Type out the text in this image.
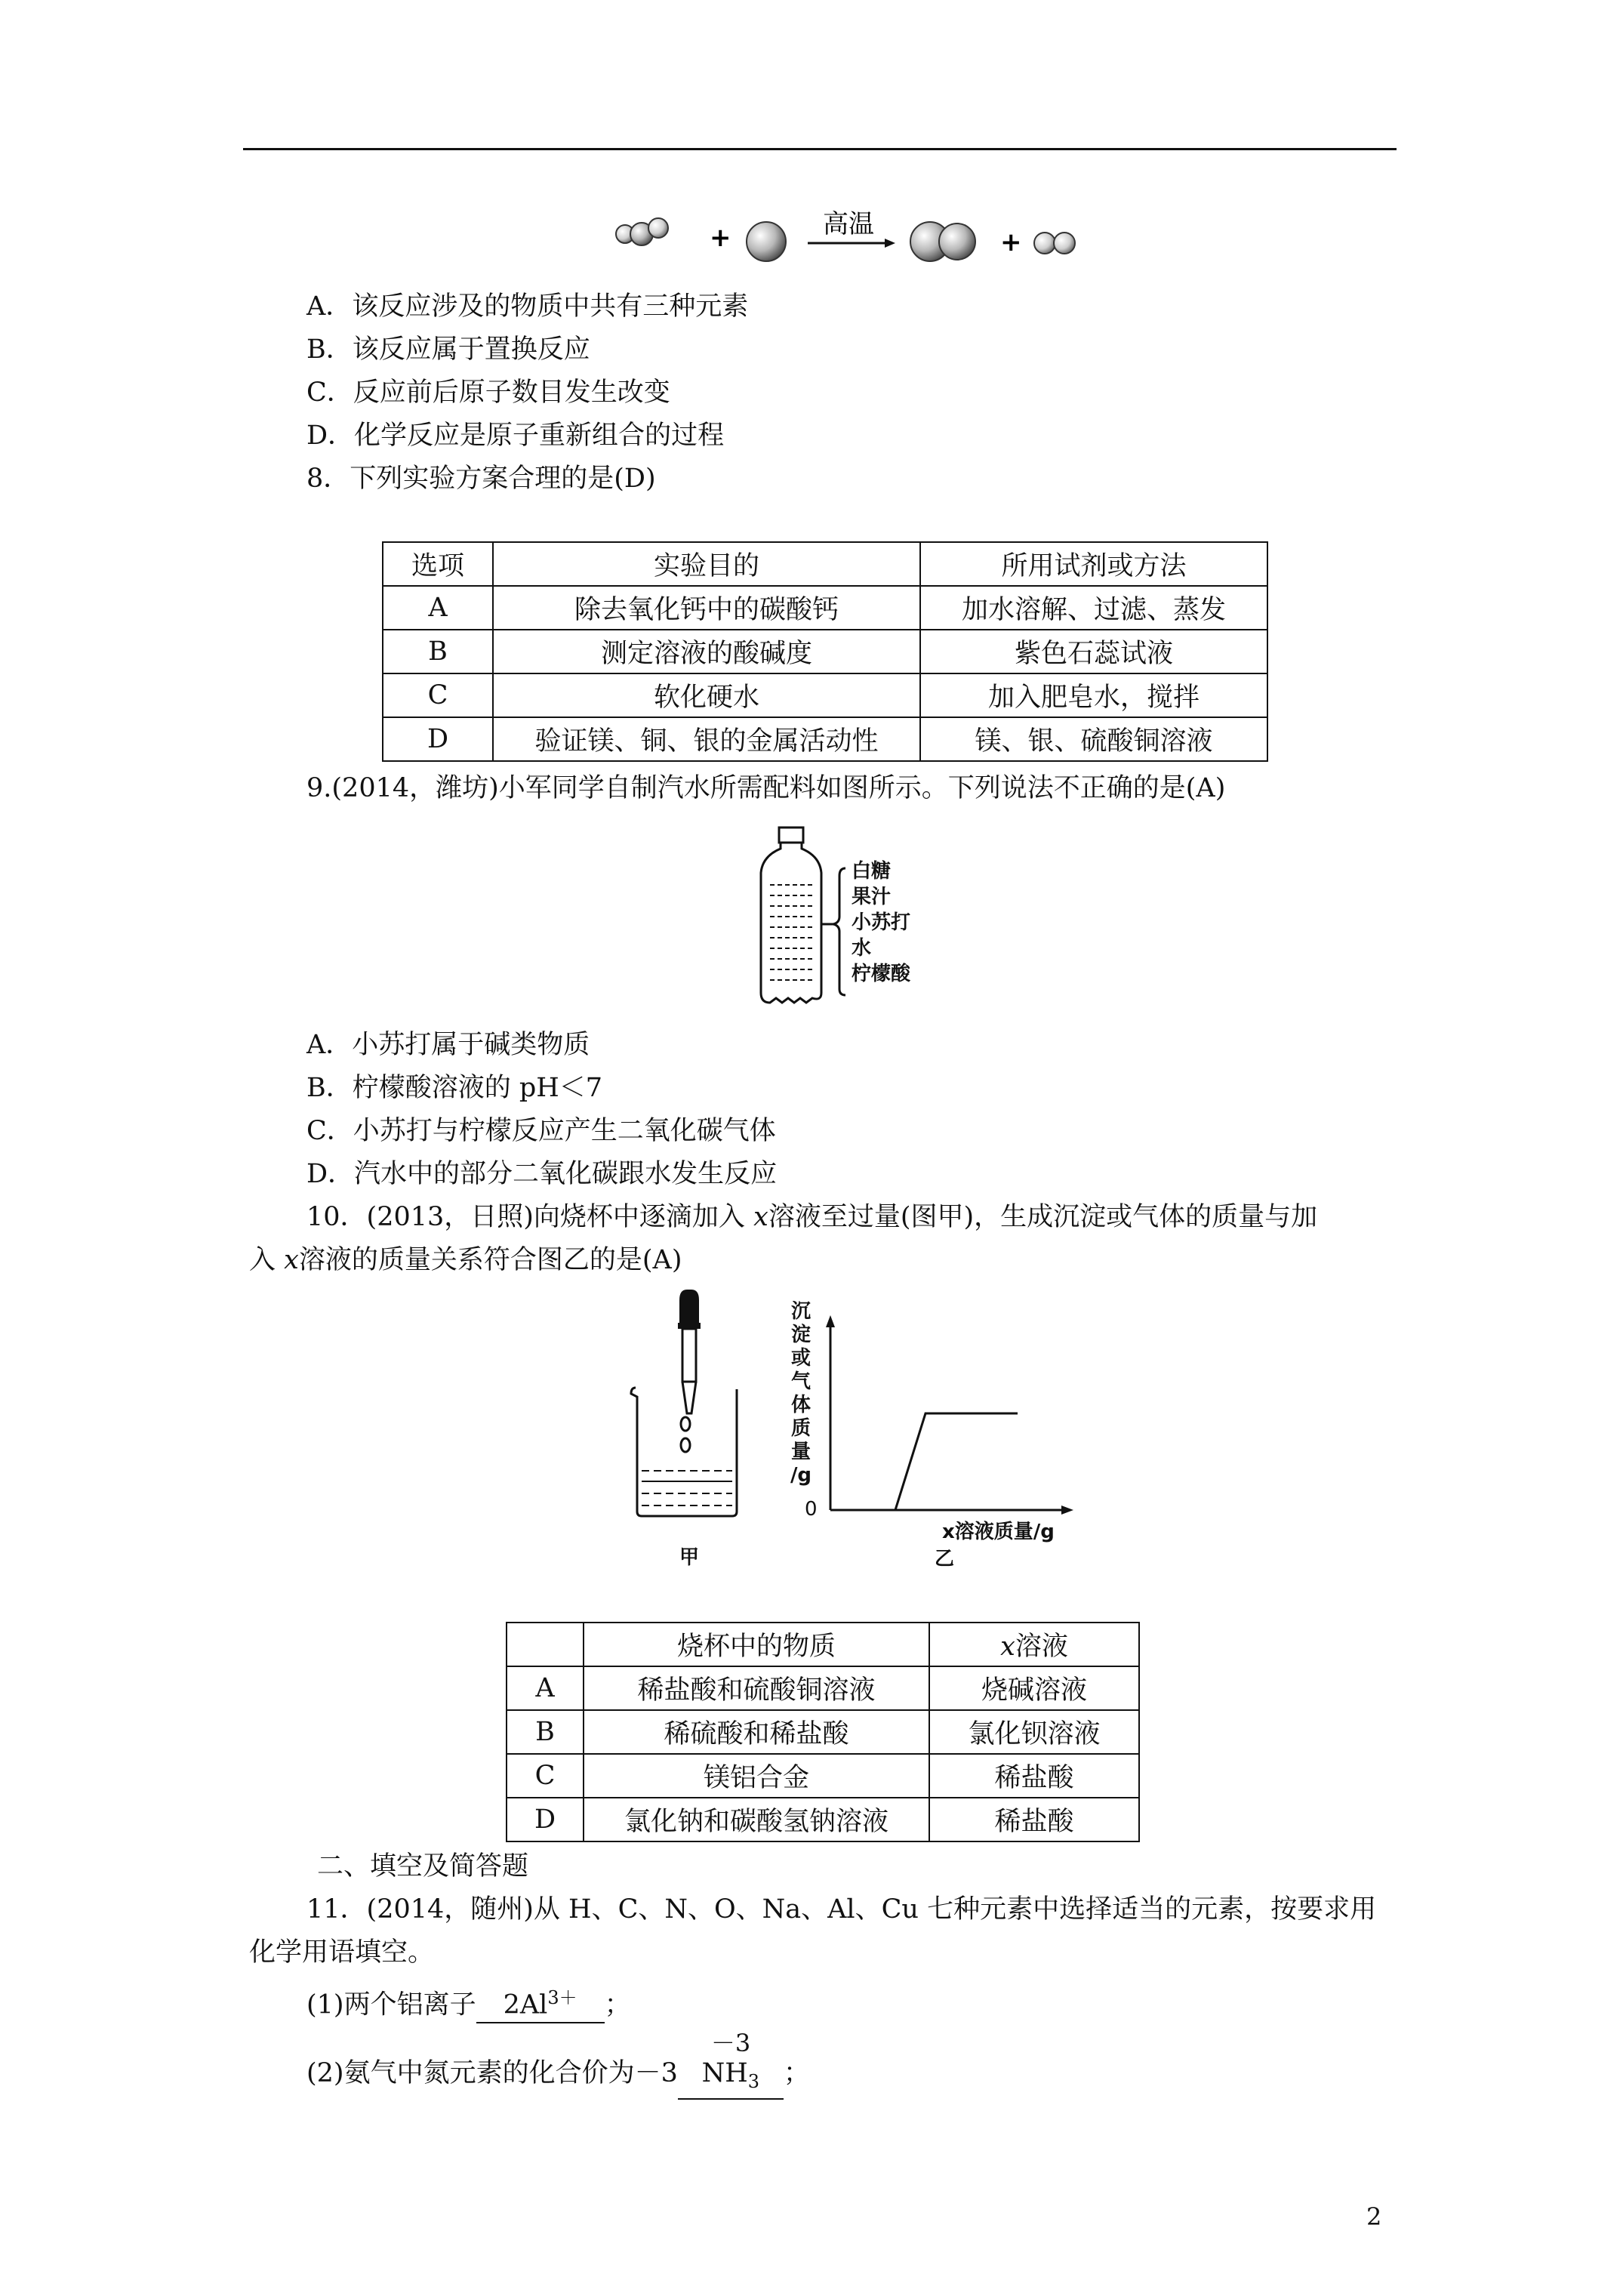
+	高温
+
A．该反应涉及的物质中共有三种元素
B．该反应属于置换反应
C．反应前后原子数目发生改变
D．化学反应是原子重新组合的过程
8．下列实验方案合理的是(D)
选项	实验目的	所用试剂或方法
A	除去氧化钙中的碳酸钙	加水溶解、过滤、蒸发
B	测定溶液的酸碱度	紫色石蕊试液
C	软化硬水	加入肥皂水，搅拌
D	验证镁、铜、银的金属活动性	镁、银、硫酸铜溶液
9.(2014，潍坊)小军同学自制汽水所需配料如图所示。下列说法不正确的是(A)
白糖
果汁
小苏打
水
柠檬酸
A．小苏打属于碱类物质
B．柠檬酸溶液的 pH＜7
C．小苏打与柠檬反应产生二氧化碳气体
D．汽水中的部分二氧化碳跟水发生反应
10．(2013，日照)向烧杯中逐滴加入 x溶液至过量(图甲)，生成沉淀或气体的质量与加
入 x溶液的质量关系符合图乙的是(A)
甲
沉
淀
或
气
体
质
量
/g
0
x溶液质量/g
乙
	烧杯中的物质	x溶液
A	稀盐酸和硫酸铜溶液	烧碱溶液
B	稀硫酸和稀盐酸	氯化钡溶液
C	镁铝合金	稀盐酸
D	氯化钠和碳酸氢钠溶液	稀盐酸
二、填空及简答题
11．(2014，随州)从 H、C、N、O、Na、Al、Cu 七种元素中选择适当的元素，按要求用
化学用语填空。
(1)两个铝离子 $2Al^{3+}$ ；
(2)氨气中氮元素的化合价为－3
－3
$NH_3$ ；
2
